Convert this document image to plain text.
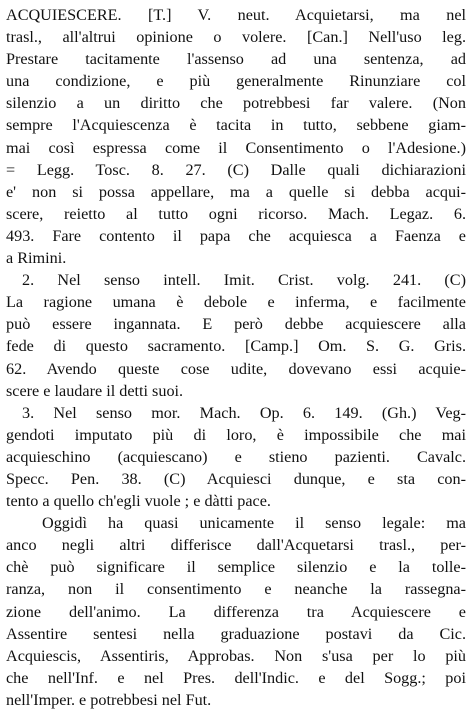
ACQUIESCERE. [T.] V. neut. Acquietarsi, ma nel
trasl., all'altrui opinione o volere. [Can.] Nell'uso leg.
Prestare tacitamente l'assenso ad una sentenza, ad
una condizione, e più generalmente Rinunziare col
silenzio a un diritto che potrebbesi far valere. (Non
sempre l'Acquiescenza è tacita in tutto, sebbene giam-
mai così espressa come il Consentimento o l'Adesione.)
= Legg. Tosc. 8. 27. (C) Dalle quali dichiarazioni
e' non si possa appellare, ma a quelle si debba acqui-
scere, reietto al tutto ogni ricorso. Mach. Legaz. 6.
493. Fare contento il papa che acquiesca a Faenza e
a Rimini.
2. Nel senso intell. Imit. Crist. volg. 241. (C)
La ragione umana è debole e inferma, e facilmente
può essere ingannata. E però debbe acquiescere alla
fede di questo sacramento. [Camp.] Om. S. G. Gris.
62. Avendo queste cose udite, dovevano essi acquie-
scere e laudare il detti suoi.
3. Nel senso mor. Mach. Op. 6. 149. (Gh.) Veg-
gendoti imputato più di loro, è impossibile che mai
acquieschino (acquiescano) e stieno pazienti. Cavalc.
Specc. Pen. 38. (C) Acquiesci dunque, e sta con-
tento a quello ch'egli vuole ; e dàtti pace.
Oggidì ha quasi unicamente il senso legale: ma
anco negli altri differisce dall'Acquetarsi trasl., per-
chè può significare il semplice silenzio e la tolle-
ranza, non il consentimento e neanche la rassegna-
zione dell'animo. La differenza tra Acquiescere e
Assentire sentesi nella graduazione postavi da Cic.
Acquiescis, Assentiris, Approbas. Non s'usa per lo più
che nell'Inf. e nel Pres. dell'Indic. e del Sogg.; poi
nell'Imper. e potrebbesi nel Fut.
